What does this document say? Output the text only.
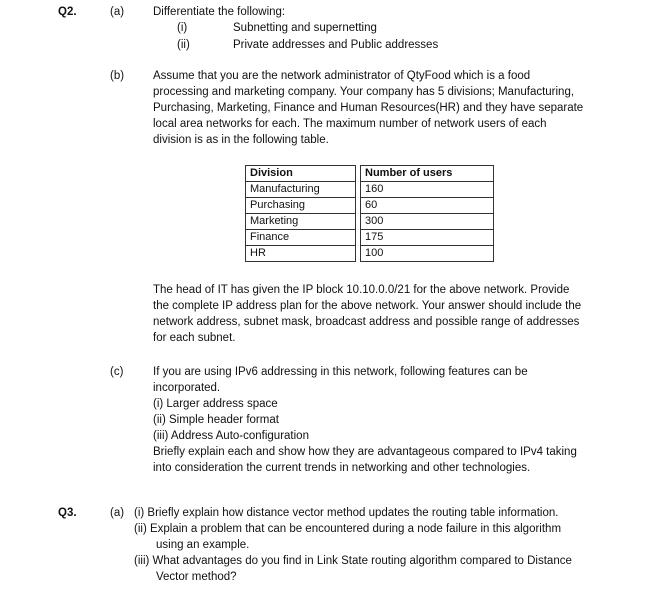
Q2.	(a)	Differentiate the following:
(i)	Subnetting and supernetting
(ii)	Private addresses and Public addresses
(b)	Assume that you are the network administrator of QtyFood which is a food
processing and marketing company. Your company has 5 divisions; Manufacturing,
Purchasing, Marketing, Finance and Human Resources(HR) and they have separate
local area networks for each. The maximum number of network users of each
division is as in the following table.
Division		Number of users
Manufacturing		160
Purchasing		60
Marketing		300
Finance		175
HR		100
The head of IT has given the IP block 10.10.0.0/21 for the above network. Provide
the complete IP address plan for the above network. Your answer should include the
network address, subnet mask, broadcast address and possible range of addresses
for each subnet.
(c)	If you are using IPv6 addressing in this network, following features can be
incorporated.
(i) Larger address space
(ii) Simple header format
(iii) Address Auto-configuration
Briefly explain each and show how they are advantageous compared to IPv4 taking
into consideration the current trends in networking and other technologies.
Q3.	(a) (i) Briefly explain how distance vector method updates the routing table information.
(ii) Explain a problem that can be encountered during a node failure in this algorithm
using an example.
(iii) What advantages do you find in Link State routing algorithm compared to Distance
Vector method?
